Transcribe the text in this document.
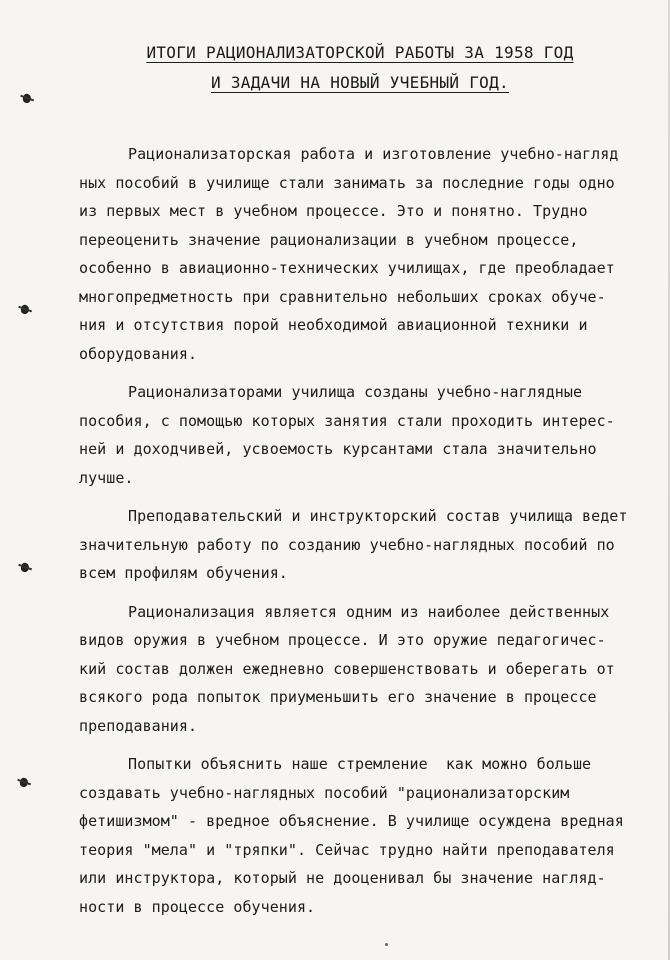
ИТОГИ РАЦИОНАЛИЗАТОРСКОЙ РАБОТЫ ЗА 1958 ГОД
И ЗАДАЧИ НА НОВЫЙ УЧЕБНЫЙ ГОД.
Рационализаторская работа и изготовление учебно-нагляд
ных пособий в училище стали занимать за последние годы одно
из первых мест в учебном процессе. Это и понятно. Трудно
переоценить значение рационализации в учебном процессе,
особенно в авиационно-технических училищах, где преобладает
многопредметность при сравнительно небольших сроках обуче-
ния и отсутствия порой необходимой авиационной техники и
оборудования.
Рационализаторами училища созданы учебно-наглядные
пособия, с помощью которых занятия стали проходить интерес-
ней и доходчивей, усвоемость курсантами стала значительно
лучше.
Преподавательский и инструкторский состав училища ведет
значительную работу по созданию учебно-наглядных пособий по
всем профилям обучения.
Рационализация является одним из наиболее действенных
видов оружия в учебном процессе. И это оружие педагогичес-
кий состав должен ежедневно совершенствовать и оберегать от
всякого рода попыток приуменьшить его значение в процессе
преподавания.
Попытки объяснить наше стремление  как можно больше
создавать учебно-наглядных пособий "рационализаторским
фетишизмом" - вредное объяснение. В училище осуждена вредная
теория "мела" и "тряпки". Сейчас трудно найти преподавателя
или инструктора, который не дооценивал бы значение нагляд-
ности в процессе обучения.
